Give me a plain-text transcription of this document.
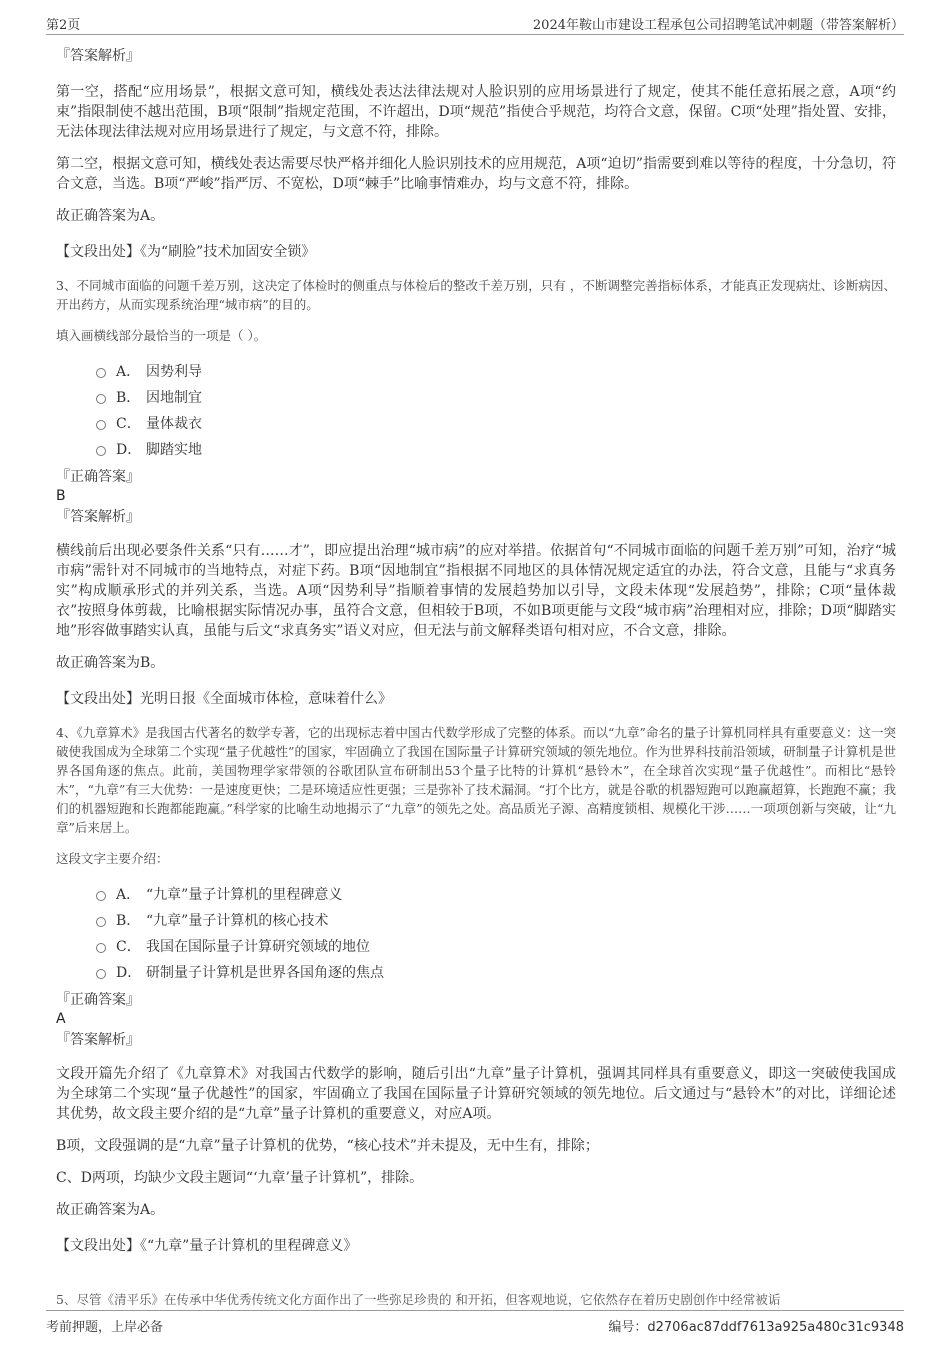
第2页	2024年鞍山市建设工程承包公司招聘笔试冲刺题（带答案解析）
『答案解析』
第一空，搭配“应用场景”，根据文意可知，横线处表达法律法规对人脸识别的应用场景进行了规定，使其不能任意拓展之意，A项“约束”指限制使不越出范围，B项“限制”指规定范围，不许超出，D项“规范”指使合乎规范，均符合文意，保留。C项“处理”指处置、安排，无法体现法律法规对应用场景进行了规定，与文意不符，排除。
第二空，根据文意可知，横线处表达需要尽快严格并细化人脸识别技术的应用规范，A项“迫切”指需要到难以等待的程度，十分急切，符合文意，当选。B项“严峻”指严厉、不宽松，D项“棘手”比喻事情难办，均与文意不符，排除。
故正确答案为A。
【文段出处】《为“刷脸”技术加固安全锁》
3、不同城市面临的问题千差万别，这决定了体检时的侧重点与体检后的整改千差万别，只有 ，不断调整完善指标体系，才能真正发现病灶、诊断病因、开出药方，从而实现系统治理“城市病”的目的。
填入画横线部分最恰当的一项是（ ）。
A． 因势利导
B． 因地制宜
C． 量体裁衣
D． 脚踏实地
『正确答案』
B
『答案解析』
横线前后出现必要条件关系“只有……才”，即应提出治理“城市病”的应对举措。依据首句“不同城市面临的问题千差万别”可知，治疗“城市病”需针对不同城市的当地特点，对症下药。B项“因地制宜”指根据不同地区的具体情况规定适宜的办法，符合文意，且能与“求真务实”构成顺承形式的并列关系，当选。A项“因势利导”指顺着事情的发展趋势加以引导，文段未体现“发展趋势”，排除；C项“量体裁衣”按照身体剪裁，比喻根据实际情况办事，虽符合文意，但相较于B项，不如B项更能与文段“城市病”治理相对应，排除；D项“脚踏实地”形容做事踏实认真，虽能与后文“求真务实”语义对应，但无法与前文解释类语句相对应，不合文意，排除。
故正确答案为B。
【文段出处】光明日报《全面城市体检，意味着什么》
4、《九章算术》是我国古代著名的数学专著，它的出现标志着中国古代数学形成了完整的体系。而以“九章”命名的量子计算机同样具有重要意义：这一突破使我国成为全球第二个实现“量子优越性”的国家，牢固确立了我国在国际量子计算研究领域的领先地位。作为世界科技前沿领域，研制量子计算机是世界各国角逐的焦点。此前，美国物理学家带领的谷歌团队宣布研制出53个量子比特的计算机“悬铃木”，在全球首次实现“量子优越性”。而相比“悬铃木”，“九章”有三大优势：一是速度更快；二是环境适应性更强；三是弥补了技术漏洞。“打个比方，就是谷歌的机器短跑可以跑赢超算，长跑跑不赢；我们的机器短跑和长跑都能跑赢。”科学家的比喻生动地揭示了“九章”的领先之处。高品质光子源、高精度锁相、规模化干涉……一项项创新与突破，让“九章”后来居上。
这段文字主要介绍：
A． “九章”量子计算机的里程碑意义
B． “九章”量子计算机的核心技术
C． 我国在国际量子计算研究领域的地位
D． 研制量子计算机是世界各国角逐的焦点
『正确答案』
A
『答案解析』
文段开篇先介绍了《九章算术》对我国古代数学的影响，随后引出“九章”量子计算机，强调其同样具有重要意义，即这一突破使我国成为全球第二个实现“量子优越性”的国家，牢固确立了我国在国际量子计算研究领域的领先地位。后文通过与“悬铃木”的对比，详细论述其优势，故文段主要介绍的是“九章”量子计算机的重要意义，对应A项。
B项，文段强调的是“九章”量子计算机的优势，“核心技术”并未提及，无中生有，排除；
C、D两项，均缺少文段主题词“‘九章’量子计算机”，排除。
故正确答案为A。
【文段出处】《“九章”量子计算机的里程碑意义》
5、尽管《清平乐》在传承中华优秀传统文化方面作出了一些弥足珍贵的 和开拓，但客观地说，它依然存在着历史剧创作中经常被诟
考前押题，上岸必备	编号：d2706ac87ddf7613a925a480c31c9348
